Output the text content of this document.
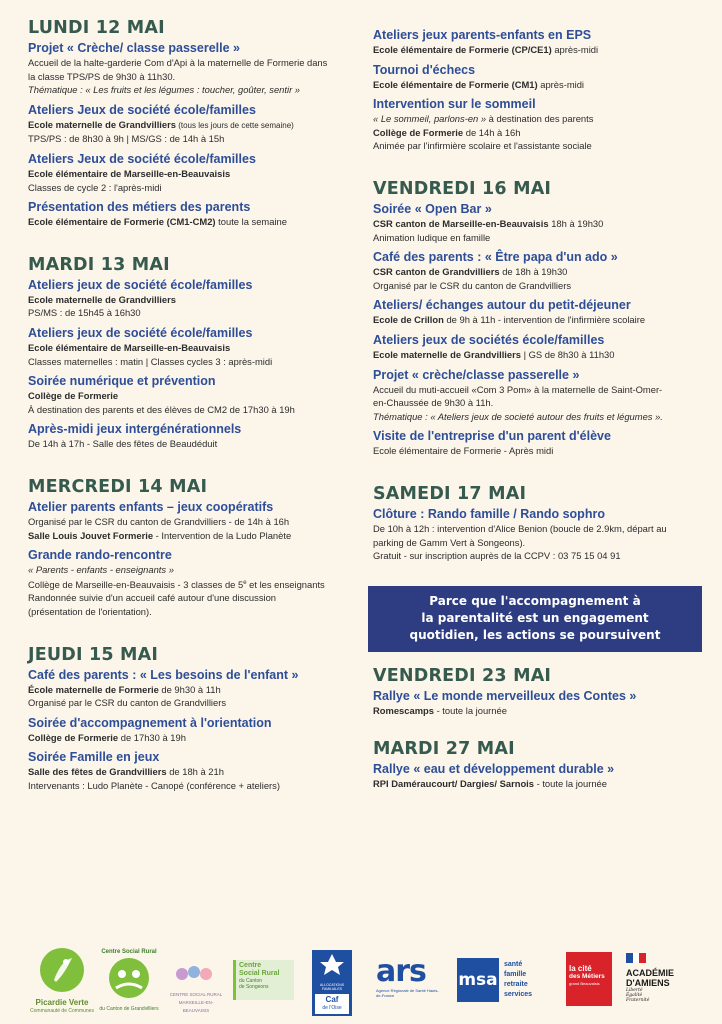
LUNDI 12 MAI

Projet « Crèche/ classe passerelle »

Accueil de la halte-garderie Com d'Api à la maternelle de Formerie dans

la classe TPS/PS de 9h30 à 11h30.

Thématique : « Les fruits et les légumes : toucher, goûter, sentir »

Ateliers Jeux de société école/familles

Ecole maternelle de Grandvilliers (tous les jours de cette semaine)

TPS/PS : de 8h30 à 9h | MS/GS : de 14h à 15h

Ateliers Jeux de société école/familles

Ecole élémentaire de Marseille-en-Beauvaisis

Classes de cycle 2 : l'après-midi

Présentation des métiers des parents

Ecole élémentaire de Formerie (CM1-CM2) toute la semaine

MARDI 13 MAI

Ateliers jeux de société école/familles

Ecole maternelle de Grandvilliers

PS/MS : de 15h45 à 16h30

Ateliers jeux de société école/familles

Ecole élémentaire de Marseille-en-Beauvaisis

Classes maternelles : matin | Classes cycles 3 : après-midi

Soirée numérique et prévention

Collège de Formerie

À destination des parents et des élèves de CM2 de 17h30 à 19h

Après-midi jeux intergénérationnels

De 14h à 17h - Salle des fêtes de Beaudéduit

MERCREDI 14 MAI

Atelier parents enfants – jeux coopératifs

Organisé par le CSR du canton de Grandvilliers - de 14h à 16h

Salle Louis Jouvet Formerie - Intervention de la Ludo Planète

Grande rando-rencontre

« Parents - enfants - enseignants »

Collège de Marseille-en-Beauvaisis - 3 classes de 5e et les enseignants

Randonnée suivie d'un accueil café autour d'une discussion

(présentation de l'orientation).

JEUDI 15 MAI

Café des parents : « Les besoins de l'enfant »

École maternelle de Formerie de 9h30 à 11h

Organisé par le CSR du canton de Grandvilliers

Soirée d'accompagnement à l'orientation

Collège de Formerie de 17h30 à 19h

Soirée Famille en jeux

Salle des fêtes de Grandvilliers de 18h à 21h

Intervenants : Ludo Planète - Canopé (conférence + ateliers)

Ateliers jeux parents-enfants en EPS

Ecole élémentaire de Formerie (CP/CE1) après-midi

Tournoi d'échecs

Ecole élémentaire de Formerie (CM1) après-midi

Intervention sur le sommeil

« Le sommeil, parlons-en » à destination des parents

Collège de Formerie de 14h à 16h

Animée par l'infirmière scolaire et l'assistante sociale

VENDREDI 16 MAI

Soirée « Open Bar »

CSR canton de Marseille-en-Beauvaisis 18h à 19h30

Animation ludique en famille

Café des parents : « Être papa d'un ado »

CSR canton de Grandvilliers de 18h à 19h30

Organisé par le CSR du canton de Grandvilliers

Ateliers/ échanges autour du petit-déjeuner

Ecole de Crillon de 9h à 11h - intervention de l'infirmière scolaire

Ateliers jeux de sociétés école/familles

Ecole maternelle de Grandvilliers | GS de 8h30 à 11h30

Projet « crèche/classe passerelle »

Accueil du muti-accueil «Com 3 Pom» à la maternelle de Saint-Omer-

en-Chaussée de 9h30 à 11h.

Thématique : « Ateliers jeux de societé autour des fruits et légumes ».

Visite de l'entreprise d'un parent d'élève

Ecole élémentaire de Formerie - Après midi

SAMEDI 17 MAI

Clôture : Rando famille / Rando sophro

De 10h à 12h : intervention d'Alice Benion (boucle de 2.9km, départ au

parking de Gamm Vert à Songeons).

Gratuit - sur inscription auprès de la CCPV : 03 75 15 04 91

Parce que l'accompagnement à
la parentalité est un engagement
quotidien, les actions se poursuivent
VENDREDI 23 MAI

Rallye « Le monde merveilleux des Contes »

Romescamps - toute la journée

MARDI 27 MAI

Rallye « eau et développement durable »

RPI Daméraucourt/ Dargies/ Sarnois - toute la journée

Picardie Verte
Communauté de Communes
Centre Social Rural
du Canton de Grandvilliers
CENTRE SOCIAL RURAL
MARSEILLE-EN-BEAUVAISIS
Centre
Social Rural
du Canton
de Songeons	ALLOCATIONS
FAMILIALES
Caf
de l'Oise
ars
Agence Régionale de Santé Hauts-de-France
msa
santé
famille
retraite
services
la cité
des Métiers
grand Beauvaisis
ACADÉMIE
D'AMIENS
Liberté
Égalité
Fraternité
